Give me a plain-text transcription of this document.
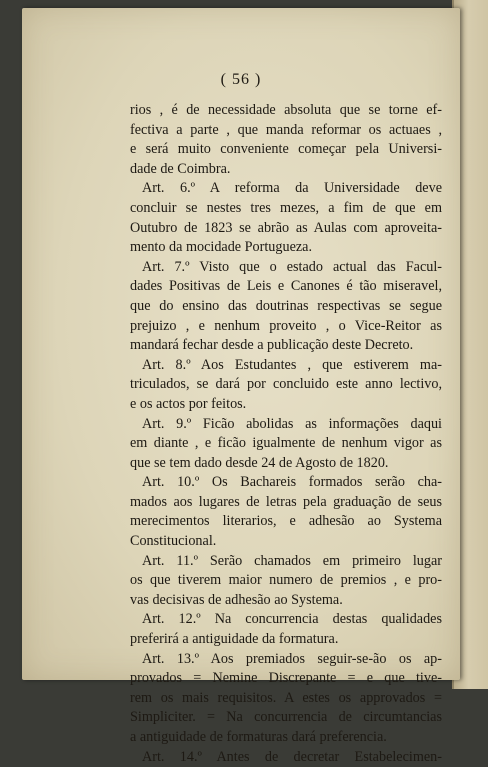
( 56 )
rios , é de necessidade absoluta que se torne ef-
fectiva a parte , que manda reformar os actuaes ,
e será muito conveniente começar pela Universi-
dade de Coimbra.
Art. 6.º A reforma da Universidade deve
concluir se nestes tres mezes, a fim de que em
Outubro de 1823 se abrão as Aulas com aproveita-
mento da mocidade Portugueza.
Art. 7.º Visto que o estado actual das Facul-
dades Positivas de Leis e Canones é tão miseravel,
que do ensino das doutrinas respectivas se segue
prejuizo , e nenhum proveito , o Vice-Reitor as
mandará fechar desde a publicação deste Decreto.
Art. 8.º Aos Estudantes , que estiverem ma-
triculados, se dará por concluido este anno lectivo,
e os actos por feitos.
Art. 9.º Ficão abolidas as informações daqui
em diante , e ficão igualmente de nenhum vigor as
que se tem dado desde 24 de Agosto de 1820.
Art. 10.º Os Bachareis formados serão cha-
mados aos lugares de letras pela graduação de seus
merecimentos literarios, e adhesão ao Systema
Constitucional.
Art. 11.º Serão chamados em primeiro lugar
os que tiverem maior numero de premios , e pro-
vas decisivas de adhesão ao Systema.
Art. 12.º Na concurrencia destas qualidades
preferirá a antiguidade da formatura.
Art. 13.º Aos premiados seguir-se-ão os ap-
provados = Nemine Discrepante = e que tive-
rem os mais requisitos. A estes os approvados =
Simpliciter. = Na concurrencia de circumtancias
a antiguidade de formaturas dará preferencia.
Art. 14.º Antes de decretar Estabelecimen-
